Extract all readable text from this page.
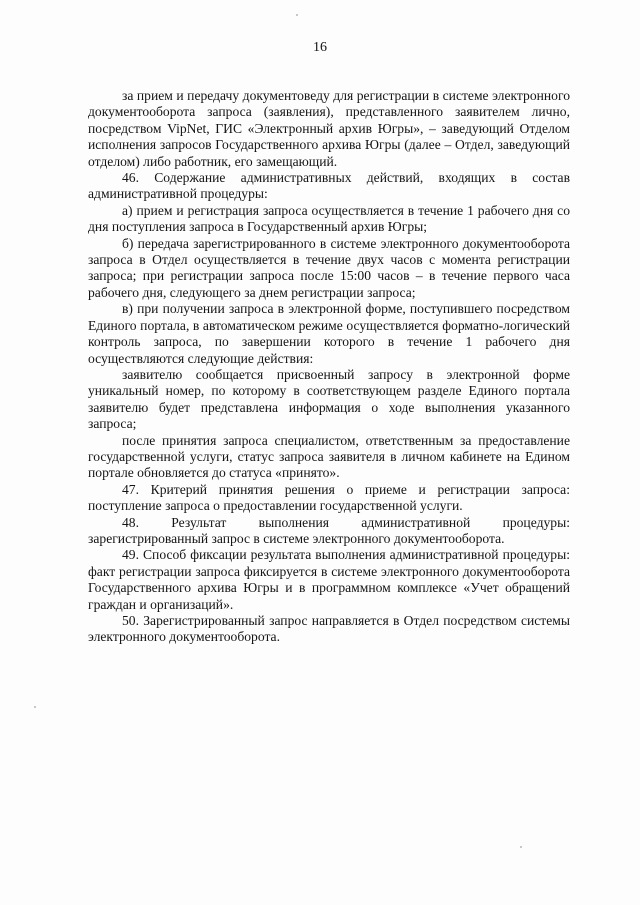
16

за прием и передачу документоведу для регистрации в системе электронного документооборота запроса (заявления), представленного заявителем лично, посредством VipNet, ГИС «Электронный архив Югры», – заведующий Отделом исполнения запросов Государственного архива Югры (далее – Отдел, заведующий отделом) либо работник, его замещающий.

46. Содержание административных действий, входящих в состав административной процедуры:

а) прием и регистрация запроса осуществляется в течение 1 рабочего дня со дня поступления запроса в Государственный архив Югры;

б) передача зарегистрированного в системе электронного документооборота запроса в Отдел осуществляется в течение двух часов с момента регистрации запроса; при регистрации запроса после 15:00 часов – в течение первого часа рабочего дня, следующего за днем регистрации запроса;

в) при получении запроса в электронной форме, поступившего посредством Единого портала, в автоматическом режиме осуществляется форматно-логический контроль запроса, по завершении которого в течение 1 рабочего дня осуществляются следующие действия:

заявителю сообщается присвоенный запросу в электронной форме уникальный номер, по которому в соответствующем разделе Единого портала заявителю будет представлена информация о ходе выполнения указанного запроса;

после принятия запроса специалистом, ответственным за предоставление государственной услуги, статус запроса заявителя в личном кабинете на Едином портале обновляется до статуса «принято».

47. Критерий принятия решения о приеме и регистрации запроса: поступление запроса о предоставлении государственной услуги.

48. Результат выполнения административной процедуры: зарегистрированный запрос в системе электронного документооборота.

49. Способ фиксации результата выполнения административной процедуры: факт регистрации запроса фиксируется в системе электронного документооборота Государственного архива Югры и в программном комплексе «Учет обращений граждан и организаций».

50. Зарегистрированный запрос направляется в Отдел посредством системы электронного документооборота.
